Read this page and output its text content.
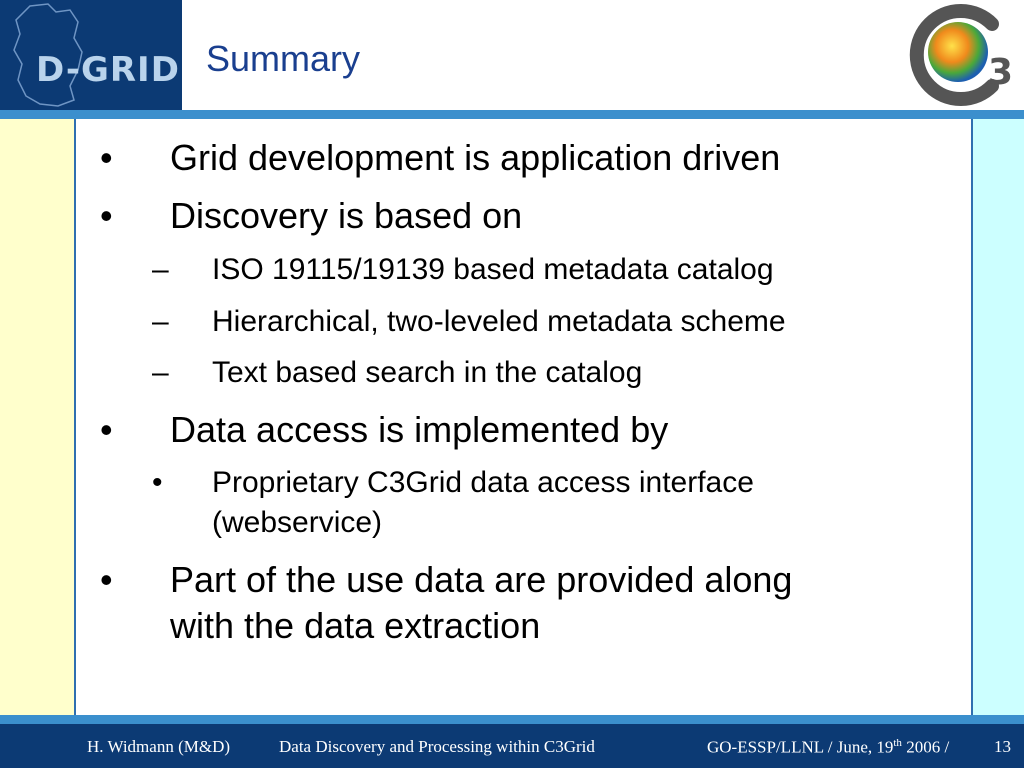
D-GRID Summary	3
• Grid development is application driven
• Discovery is based on
– ISO 19115/19139 based metadata catalog
– Hierarchical, two-leveled metadata scheme
– Text based search in the catalog
• Data access is implemented by
• Proprietary C3Grid data access interface
(webservice)
• Part of the use data are provided along
with the data extraction
H. Widmann (M&D)	Data Discovery and Processing within C3Grid	GO-ESSP/LLNL / June, 19th 2006 /	13
